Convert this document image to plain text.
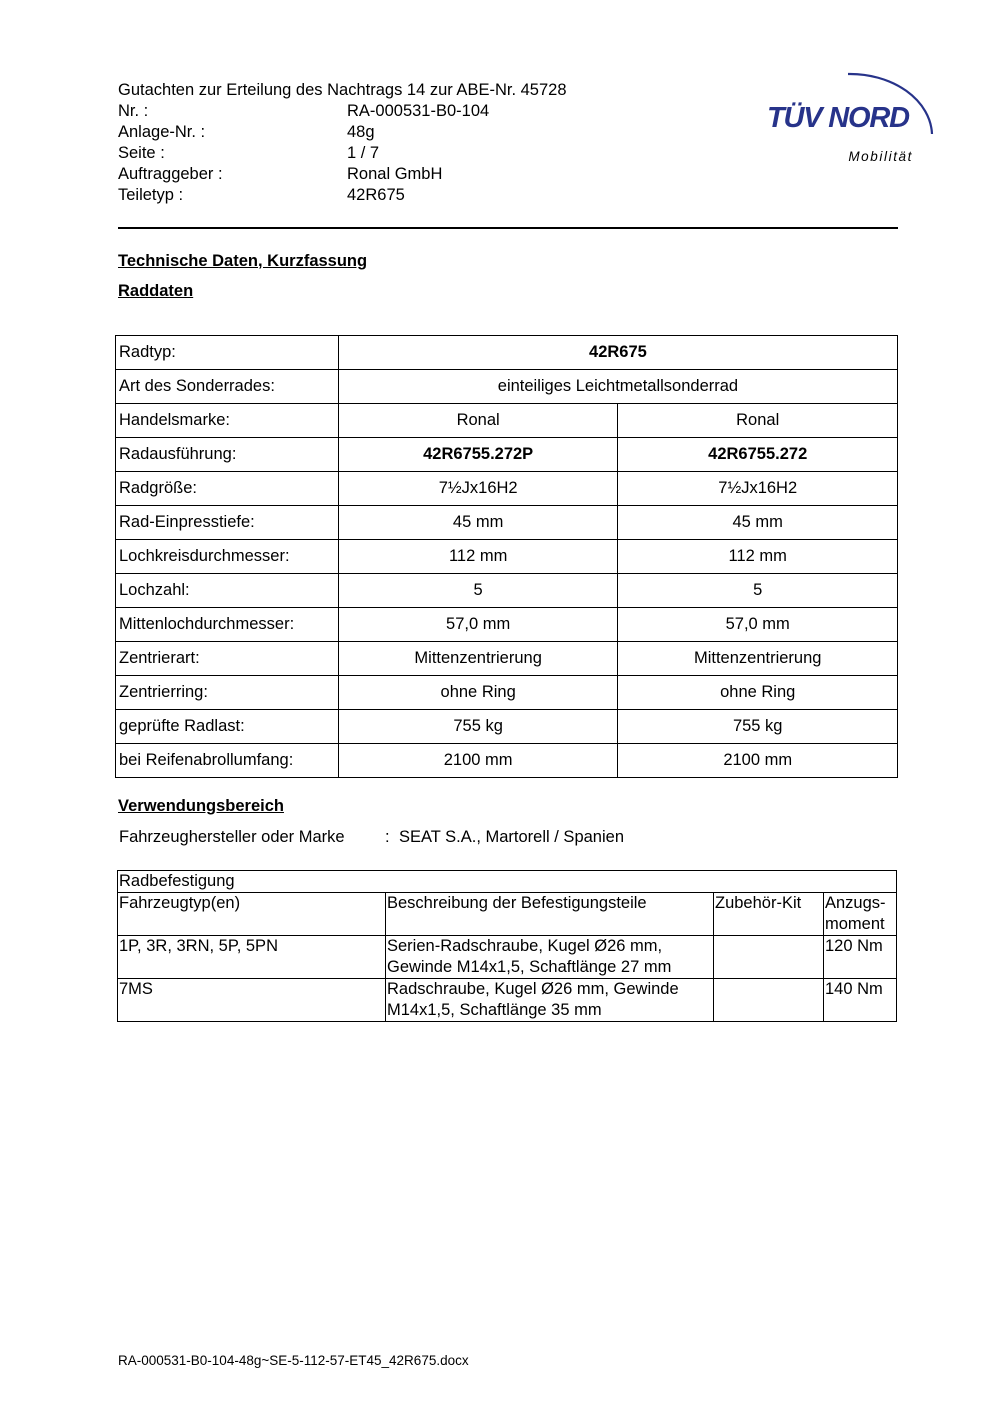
Gutachten zur Erteilung des Nachtrags 14 zur ABE-Nr. 45728
Nr. :	RA-000531-B0-104
Anlage-Nr. :	48g
Seite :	1 / 7
Auftraggeber :	Ronal GmbH
Teiletyp :	42R675
TÜV NORD
Mobilität
Technische Daten, Kurzfassung
Raddaten
Radtyp:	42R675	
Art des Sonderrades:	einteiliges Leichtmetallsonderrad	
Handelsmarke:	Ronal	Ronal
Radausführung:	42R6755.272P	42R6755.272
Radgröße:	7½Jx16H2	7½Jx16H2
Rad-Einpresstiefe:	45 mm	45 mm
Lochkreisdurchmesser:	112 mm	112 mm
Lochzahl:	5	5
Mittenlochdurchmesser:	57,0 mm	57,0 mm
Zentrierart:	Mittenzentrierung	Mittenzentrierung
Zentrierring:	ohne Ring	ohne Ring
geprüfte Radlast:	755 kg	755 kg
bei Reifenabrollumfang:	2100 mm	2100 mm
Verwendungsbereich
Fahrzeughersteller oder Marke : SEAT S.A., Martorell / Spanien
Radbefestigung			
Fahrzeugtyp(en)	Beschreibung der Befestigungsteile	Zubehör-Kit	Anzugs-
moment

1P, 3R, 3RN, 5P, 5PN	Serien-Radschraube, Kugel Ø26 mm,
Gewinde M14x1,5, Schaftlänge 27 mm		120 Nm
7MS	Radschraube, Kugel Ø26 mm, Gewinde
M14x1,5, Schaftlänge 35 mm		140 Nm
RA-000531-B0-104-48g~SE-5-112-57-ET45_42R675.docx
